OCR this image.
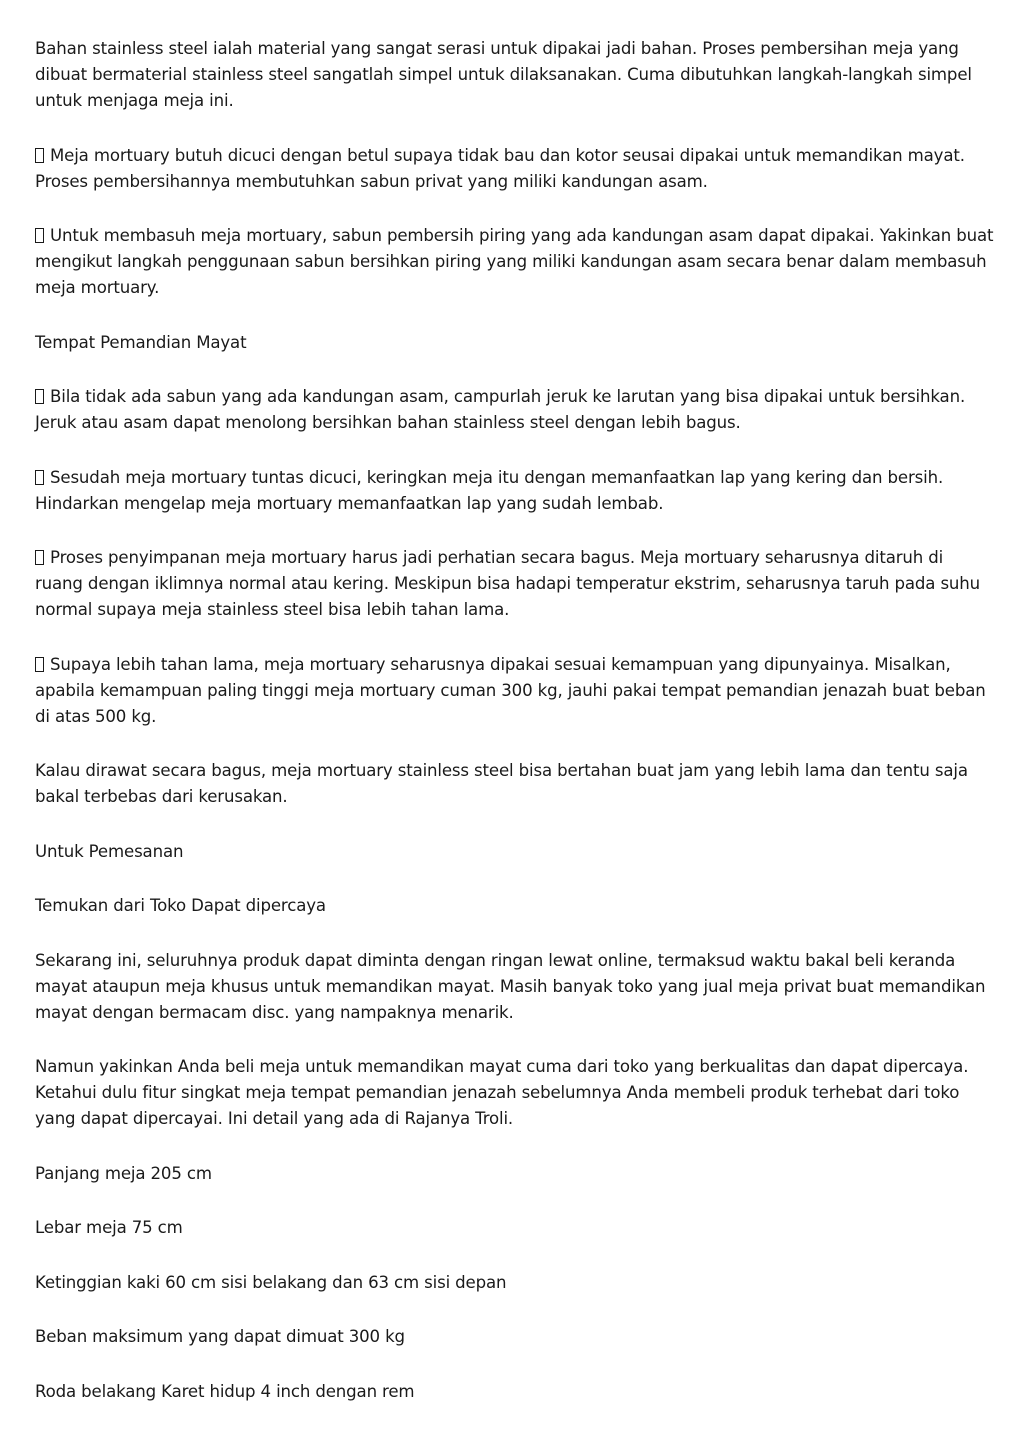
Bahan stainless steel ialah material yang sangat serasi untuk dipakai jadi bahan. Proses pembersihan meja yang dibuat bermaterial stainless steel sangatlah simpel untuk dilaksanakan. Cuma dibutuhkan langkah-langkah simpel untuk menjaga meja ini.

Meja mortuary butuh dicuci dengan betul supaya tidak bau dan kotor seusai dipakai untuk memandikan mayat. Proses pembersihannya membutuhkan sabun privat yang miliki kandungan asam.

Untuk membasuh meja mortuary, sabun pembersih piring yang ada kandungan asam dapat dipakai. Yakinkan buat mengikut langkah penggunaan sabun bersihkan piring yang miliki kandungan asam secara benar dalam membasuh meja mortuary.

Tempat Pemandian Mayat

Bila tidak ada sabun yang ada kandungan asam, campurlah jeruk ke larutan yang bisa dipakai untuk bersihkan. Jeruk atau asam dapat menolong bersihkan bahan stainless steel dengan lebih bagus.

Sesudah meja mortuary tuntas dicuci, keringkan meja itu dengan memanfaatkan lap yang kering dan bersih. Hindarkan mengelap meja mortuary memanfaatkan lap yang sudah lembab.

Proses penyimpanan meja mortuary harus jadi perhatian secara bagus. Meja mortuary seharusnya ditaruh di ruang dengan iklimnya normal atau kering. Meskipun bisa hadapi temperatur ekstrim, seharusnya taruh pada suhu normal supaya meja stainless steel bisa lebih tahan lama.

Supaya lebih tahan lama, meja mortuary seharusnya dipakai sesuai kemampuan yang dipunyainya. Misalkan, apabila kemampuan paling tinggi meja mortuary cuman 300 kg, jauhi pakai tempat pemandian jenazah buat beban di atas 500 kg.

Kalau dirawat secara bagus, meja mortuary stainless steel bisa bertahan buat jam yang lebih lama dan tentu saja bakal terbebas dari kerusakan.

Untuk Pemesanan

Temukan dari Toko Dapat dipercaya

Sekarang ini, seluruhnya produk dapat diminta dengan ringan lewat online, termaksud waktu bakal beli keranda mayat ataupun meja khusus untuk memandikan mayat. Masih banyak toko yang jual meja privat buat memandikan mayat dengan bermacam disc. yang nampaknya menarik.

Namun yakinkan Anda beli meja untuk memandikan mayat cuma dari toko yang berkualitas dan dapat dipercaya. Ketahui dulu fitur singkat meja tempat pemandian jenazah sebelumnya Anda membeli produk terhebat dari toko yang dapat dipercayai. Ini detail yang ada di Rajanya Troli.

Panjang meja 205 cm

Lebar meja 75 cm

Ketinggian kaki 60 cm sisi belakang dan 63 cm sisi depan

Beban maksimum yang dapat dimuat 300 kg

Roda belakang Karet hidup 4 inch dengan rem
